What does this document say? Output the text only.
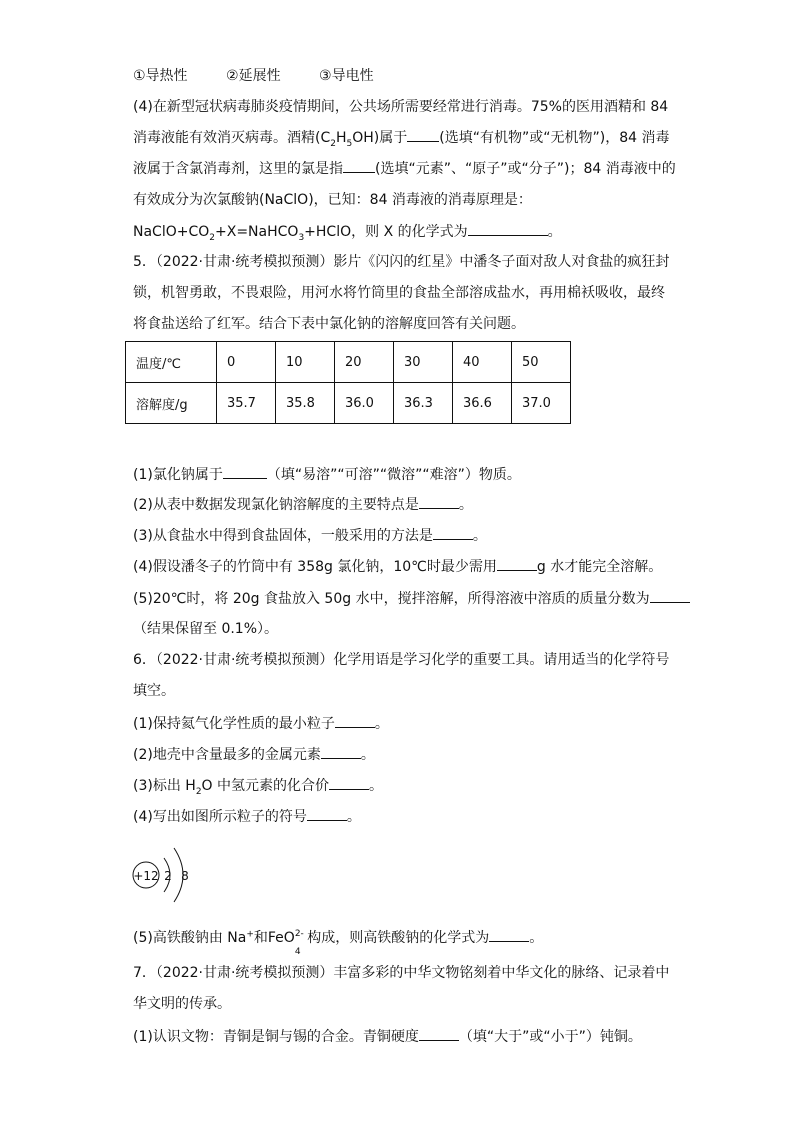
①导热性	②延展性	③导电性
(4)在新型冠状病毒肺炎疫情期间，公共场所需要经常进行消毒。75%的医用酒精和 84
消毒液能有效消灭病毒。酒精$(C_2H_5OH)$属于 (选填“有机物”或“无机物”)，84 消毒
液属于含氯消毒剂，这里的氯是指 (选填“元素”、“原子”或“分子”)；84 消毒液中的
有效成分为次氯酸钠(NaClO)，已知：84 消毒液的消毒原理是：
$NaClO+CO_2+X=NaHCO_3+HClO$，则 X 的化学式为	。
5．（2022·甘肃·统考模拟预测）影片《闪闪的红星》中潘冬子面对敌人对食盐的疯狂封
锁，机智勇敢，不畏艰险，用河水将竹筒里的食盐全部溶成盐水，再用棉袄吸收，最终
将食盐送给了红军。结合下表中氯化钠的溶解度回答有关问题。
温度/℃	0	10	20	30	40	50
溶解度/g	35.7	35.8	36.0	36.3	36.6	37.0
(1)氯化钠属于	（填“易溶”“可溶”“微溶”“难溶”）物质。
(2)从表中数据发现氯化钠溶解度的主要特点是	。
(3)从食盐水中得到食盐固体，一般采用的方法是	。
(4)假设潘冬子的竹筒中有 358g 氯化钠，10℃时最少需用	g 水才能完全溶解。
(5)20℃时，将 20g 食盐放入 50g 水中，搅拌溶解，所得溶液中溶质的质量分数为
（结果保留至 0.1%）。
6．（2022·甘肃·统考模拟预测）化学用语是学习化学的重要工具。请用适当的化学符号
填空。
(1)保持氦气化学性质的最小粒子	。
(2)地壳中含量最多的金属元素	。
(3)标出 $H_2O$ 中氢元素的化合价	。
(4)写出如图所示粒子的符号	。
+12 2 8
(5)高铁酸钠由 Na+和FeO 2-
4
构成，则高铁酸钠的化学式为	。
7．（2022·甘肃·统考模拟预测）丰富多彩的中华文物铭刻着中华文化的脉络、记录着中
华文明的传承。
(1)认识文物：青铜是铜与锡的合金。青铜硬度	（填“大于”或“小于”）钝铜。
